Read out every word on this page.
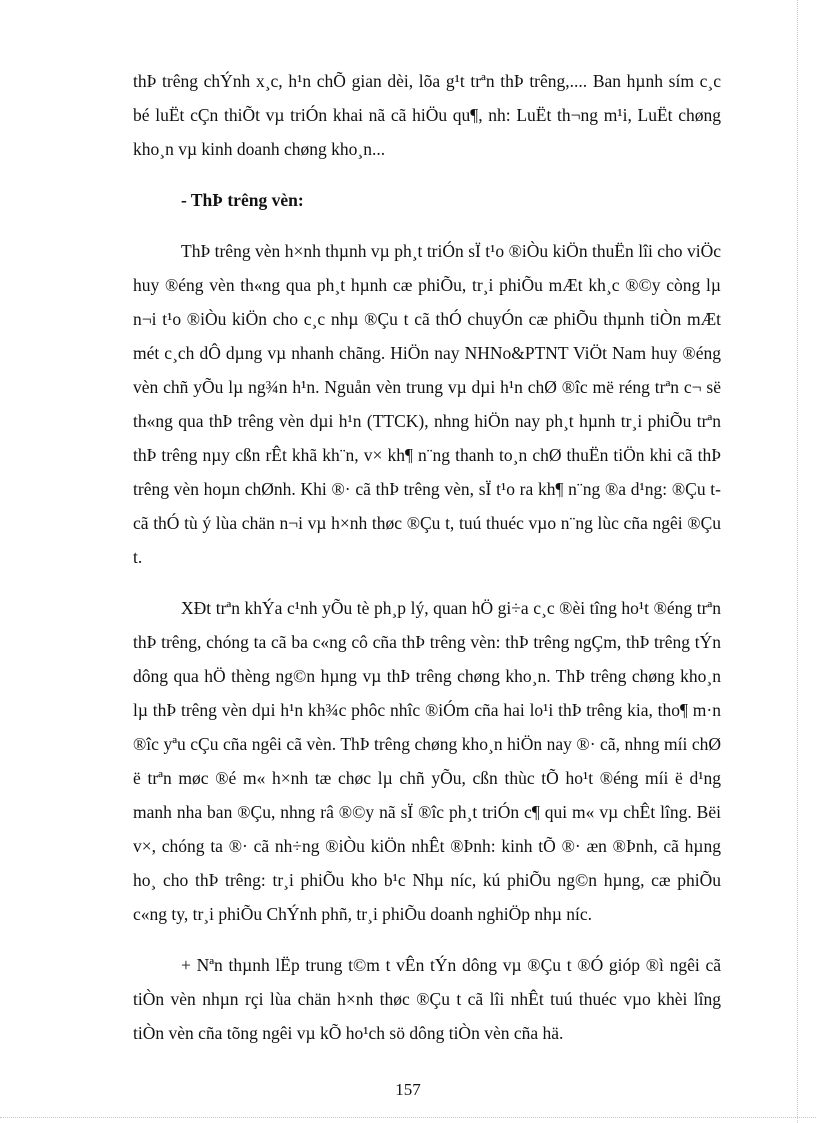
thÞ trêng chÝnh x¸c, h¹n chÕ gian dèi, lõa g¹t trªn thÞ trêng,.... Ban hµnh sím c¸c bé luËt cÇn thiÕt vµ triÓn khai nã cã hiÖu qu¶, nh: LuËt th¬ng m¹i, LuËt chøng kho¸n vµ kinh doanh chøng kho¸n...

- ThÞ trêng vèn:

ThÞ trêng vèn h×nh thµnh vµ ph¸t triÓn sÏ t¹o ®iÒu kiÖn thuËn lîi cho viÖc huy ®éng vèn th«ng qua ph¸t hµnh cæ phiÕu, tr¸i phiÕu mÆt kh¸c ®©y còng lµ n¬i t¹o ®iÒu kiÖn cho c¸c nhµ ®Çu t cã thÓ chuyÓn cæ phiÕu thµnh tiÒn mÆt mét c¸ch dÔ dµng vµ nhanh chãng. HiÖn nay NHNo&PTNT ViÖt Nam huy ®éng vèn chñ yÕu lµ ng¾n h¹n. Nguån vèn trung vµ dµi h¹n chØ ®îc më réng trªn c¬ së th«ng qua thÞ trêng vèn dµi h¹n (TTCK), nhng hiÖn nay ph¸t hµnh tr¸i phiÕu trªn thÞ trêng nµy cßn rÊt khã kh¨n, v× kh¶ n¨ng thanh to¸n chØ thuËn tiÖn khi cã thÞ trêng vèn hoµn chØnh. Khi ®· cã thÞ trêng vèn, sÏ t¹o ra kh¶ n¨ng ®a d¹ng: ®Çu t cã thÓ tù ý lùa chän n¬i vµ h×nh thøc ®Çu t, tuú thuéc vµo n¨ng lùc cña ngêi ®Çu t.

XÐt trªn khÝa c¹nh yÕu tè ph¸p lý, quan hÖ gi÷a c¸c ®èi tîng ho¹t ®éng trªn thÞ trêng, chóng ta cã ba c«ng cô cña thÞ trêng vèn: thÞ trêng ngÇm, thÞ trêng tÝn dông qua hÖ thèng ng©n hµng vµ thÞ trêng chøng kho¸n. ThÞ trêng chøng kho¸n lµ thÞ trêng vèn dµi h¹n kh¾c phôc nhîc ®iÓm cña hai lo¹i thÞ trêng kia, tho¶ m·n ®îc yªu cÇu cña ngêi cã vèn. ThÞ trêng chøng kho¸n hiÖn nay ®· cã, nhng míi chØ ë trªn møc ®é m« h×nh tæ chøc lµ chñ yÕu, cßn thùc tÕ ho¹t ®éng míi ë d¹ng manh nha ban ®Çu, nhng râ ®©y nã sÏ ®îc ph¸t triÓn c¶ qui m« vµ chÊt lîng. Bëi v×, chóng ta ®· cã nh÷ng ®iÒu kiÖn nhÊt ®Þnh: kinh tÕ ®· æn ®Þnh, cã hµng ho¸ cho thÞ trêng: tr¸i phiÕu kho b¹c Nhµ níc, kú phiÕu ng©n hµng, cæ phiÕu c«ng ty, tr¸i phiÕu ChÝnh phñ, tr¸i phiÕu doanh nghiÖp nhµ níc.

+ Nªn thµnh lËp trung t©m t vÊn tÝn dông vµ ®Çu t ®Ó gióp ®ì ngêi cã tiÒn vèn nhµn rçi lùa chän h×nh thøc ®Çu t cã lîi nhÊt tuú thuéc vµo khèi lîng tiÒn vèn cña tõng ngêi vµ kÕ ho¹ch sö dông tiÒn vèn cña hä.

157
